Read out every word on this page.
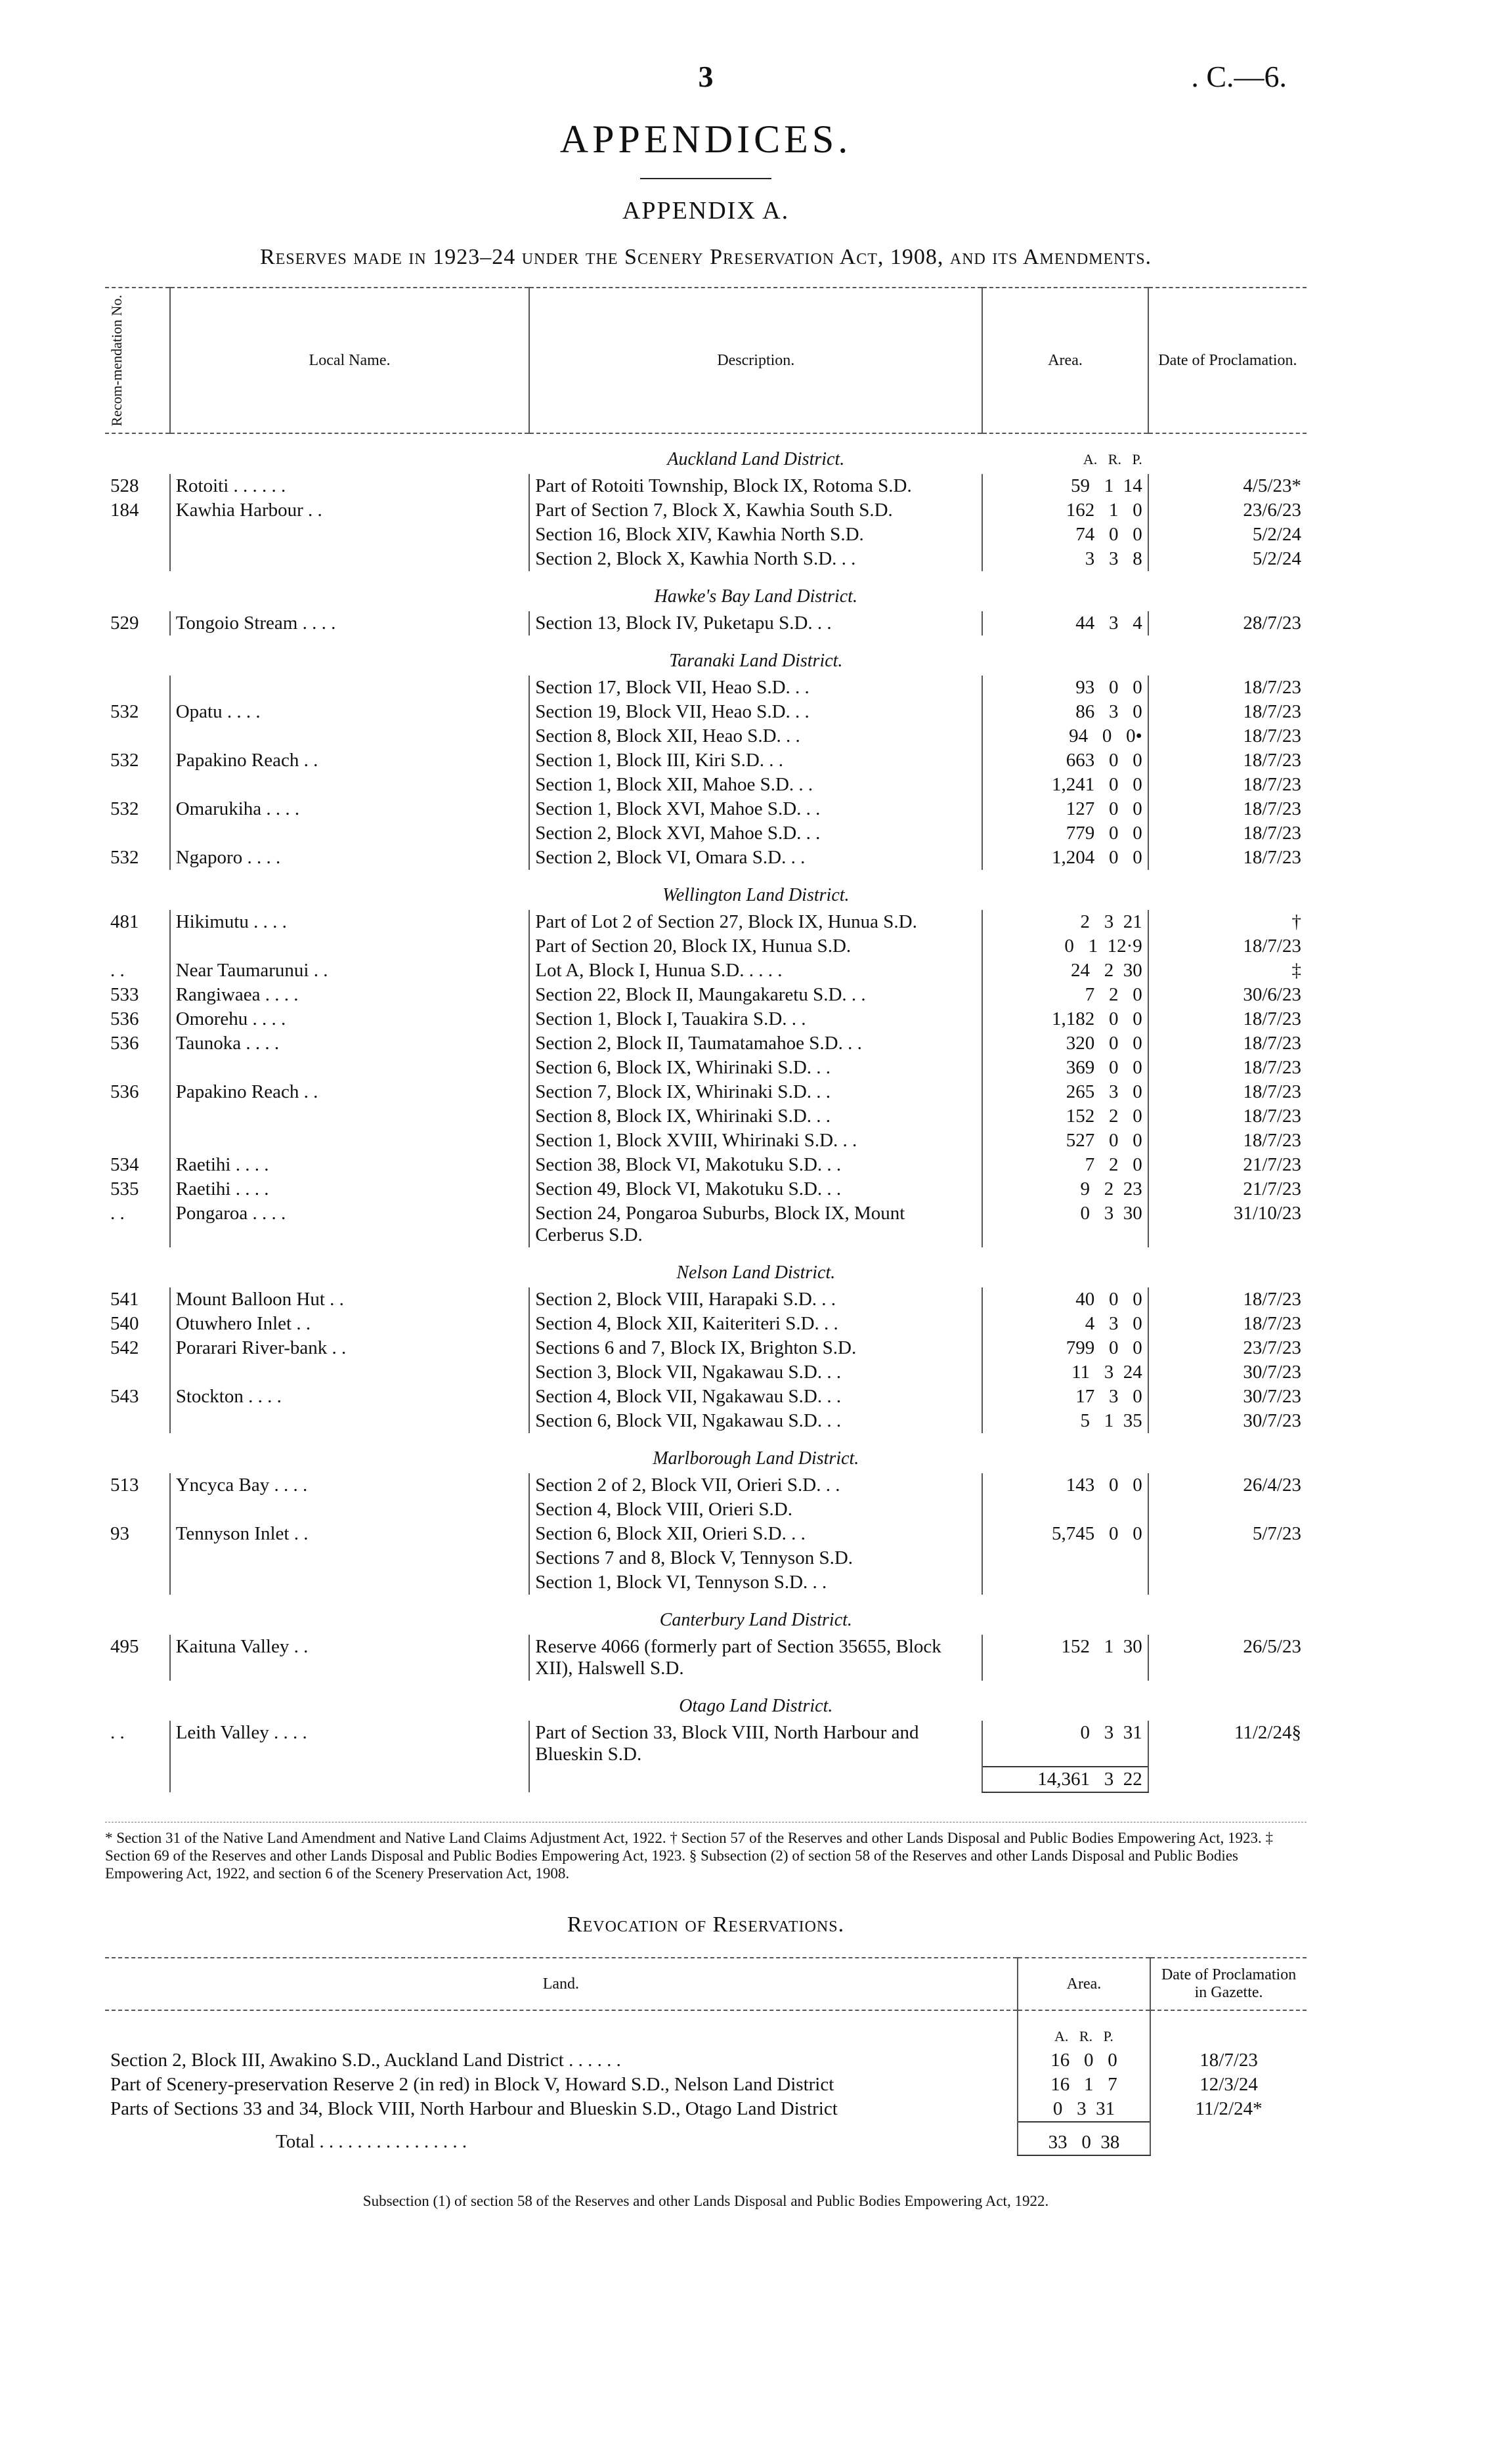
3	. C.—6.
APPENDICES.
APPENDIX A.
Reserves made in 1923–24 under the Scenery Preservation Act, 1908, and its Amendments.
Recom-mendation No.	Local Name.	Description.	Area.	Date of Proclamation.
		Auckland Land District.	A.   R.   P.	
528	Rotoiti . . . . . .	Part of Rotoiti Township, Block IX, Rotoma S.D.	59   1  14	4/5/23*
184	Kawhia Harbour . .	Part of Section 7, Block X, Kawhia South S.D.	162   1   0	23/6/23
		Section 16, Block XIV, Kawhia North S.D.	74   0   0	5/2/24
		Section 2, Block X, Kawhia North S.D. . .	3   3   8	5/2/24
		Hawke's Bay Land District.		
529	Tongoio Stream . . . .	Section 13, Block IV, Puketapu S.D. . .	44   3   4	28/7/23
		Taranaki Land District.		
		Section 17, Block VII, Heao S.D. . .	93   0   0	18/7/23
532	Opatu . . . .	Section 19, Block VII, Heao S.D. . .	86   3   0	18/7/23
		Section 8, Block XII, Heao S.D. . .	94   0   0•	18/7/23
532	Papakino Reach . .	Section 1, Block III, Kiri S.D. . .	663   0   0	18/7/23
		Section 1, Block XII, Mahoe S.D. . .	1,241   0   0	18/7/23
532	Omarukiha . . . .	Section 1, Block XVI, Mahoe S.D. . .	127   0   0	18/7/23
		Section 2, Block XVI, Mahoe S.D. . .	779   0   0	18/7/23
532	Ngaporo . . . .	Section 2, Block VI, Omara S.D. . .	1,204   0   0	18/7/23
		Wellington Land District.		
481	Hikimutu . . . .	Part of Lot 2 of Section 27, Block IX, Hunua S.D.	2   3  21	†
		Part of Section 20, Block IX, Hunua S.D.	0   1  12·9	18/7/23
. .	Near Taumarunui . .	Lot A, Block I, Hunua S.D. . . . .	24   2  30	‡
533	Rangiwaea . . . .	Section 22, Block II, Maungakaretu S.D. . .	7   2   0	30/6/23
536	Omorehu . . . .	Section 1, Block I, Tauakira S.D. . .	1,182   0   0	18/7/23
536	Taunoka . . . .	Section 2, Block II, Taumatamahoe S.D. . .	320   0   0	18/7/23
		Section 6, Block IX, Whirinaki S.D. . .	369   0   0	18/7/23
536	Papakino Reach . .	Section 7, Block IX, Whirinaki S.D. . .	265   3   0	18/7/23
		Section 8, Block IX, Whirinaki S.D. . .	152   2   0	18/7/23
		Section 1, Block XVIII, Whirinaki S.D. . .	527   0   0	18/7/23
534	Raetihi . . . .	Section 38, Block VI, Makotuku S.D. . .	7   2   0	21/7/23
535	Raetihi . . . .	Section 49, Block VI, Makotuku S.D. . .	9   2  23	21/7/23
. .	Pongaroa . . . .	Section 24, Pongaroa Suburbs, Block IX, Mount Cerberus S.D.	0   3  30	31/10/23
		Nelson Land District.		
541	Mount Balloon Hut . .	Section 2, Block VIII, Harapaki S.D. . .	40   0   0	18/7/23
540	Otuwhero Inlet . .	Section 4, Block XII, Kaiteriteri S.D. . .	4   3   0	18/7/23
542	Porarari River-bank . .	Sections 6 and 7, Block IX, Brighton S.D.	799   0   0	23/7/23
		Section 3, Block VII, Ngakawau S.D. . .	11   3  24	30/7/23
543	Stockton . . . .	Section 4, Block VII, Ngakawau S.D. . .	17   3   0	30/7/23
		Section 6, Block VII, Ngakawau S.D. . .	5   1  35	30/7/23
		Marlborough Land District.		
513	Yncyca Bay . . . .	Section 2 of 2, Block VII, Orieri S.D. . .	143   0   0	26/4/23
		Section 4, Block VIII, Orieri S.D.		
93	Tennyson Inlet . .	Section 6, Block XII, Orieri S.D. . .	5,745   0   0	5/7/23
		Sections 7 and 8, Block V, Tennyson S.D.		
		Section 1, Block VI, Tennyson S.D. . .		
		Canterbury Land District.		
495	Kaituna Valley . .	Reserve 4066 (formerly part of Section 35655, Block XII), Halswell S.D.	152   1  30	26/5/23
		Otago Land District.		
. .	Leith Valley . . . .	Part of Section 33, Block VIII, North Harbour and Blueskin S.D.	0   3  31	11/2/24§
			14,361   3  22	
* Section 31 of the Native Land Amendment and Native Land Claims Adjustment Act, 1922. † Section 57 of the Reserves and other Lands Disposal and Public Bodies Empowering Act, 1923. ‡ Section 69 of the Reserves and other Lands Disposal and Public Bodies Empowering Act, 1923. § Subsection (2) of section 58 of the Reserves and other Lands Disposal and Public Bodies Empowering Act, 1922, and section 6 of the Scenery Preservation Act, 1908.
Revocation of Reservations.
Land.	Area.	Date of Proclamation in Gazette.
	A.   R.   P.	
Section 2, Block III, Awakino S.D., Auckland Land District . . . . . .	16   0   0	18/7/23
Part of Scenery-preservation Reserve 2 (in red) in Block V, Howard S.D., Nelson Land District	16   1   7	12/3/24
Parts of Sections 33 and 34, Block VIII, North Harbour and Blueskin S.D., Otago Land District	0   3  31	11/2/24*
Total . . . . . . . . . . . . . . . .	33   0  38	
Subsection (1) of section 58 of the Reserves and other Lands Disposal and Public Bodies Empowering Act, 1922.
